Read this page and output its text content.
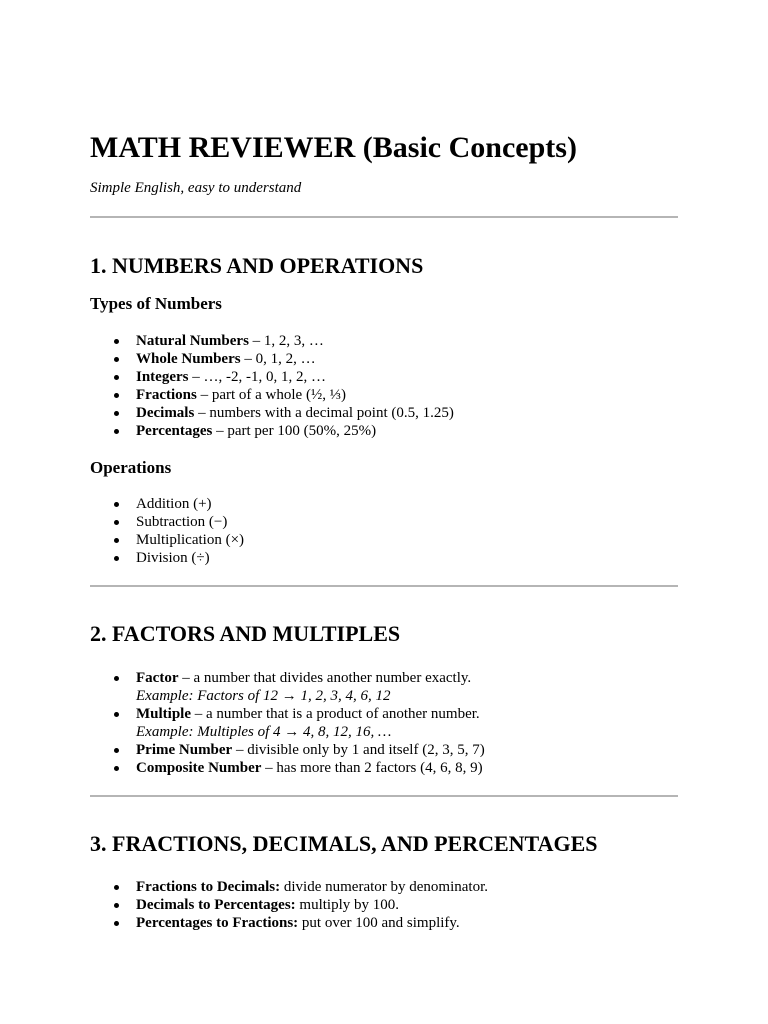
MATH REVIEWER (Basic Concepts)

Simple English, easy to understand

1. NUMBERS AND OPERATIONS
Types of Numbers
Natural Numbers – 1, 2, 3, …
Whole Numbers – 0, 1, 2, …
Integers – …, -2, -1, 0, 1, 2, …
Fractions – part of a whole (½, ⅓)
Decimals – numbers with a decimal point (0.5, 1.25)
Percentages – part per 100 (50%, 25%)
Operations
Addition (+)
Subtraction (−)
Multiplication (×)
Division (÷)
2. FACTORS AND MULTIPLES
Factor – a number that divides another number exactly.
Example: Factors of 12 → 1, 2, 3, 4, 6, 12
Multiple – a number that is a product of another number.
Example: Multiples of 4 → 4, 8, 12, 16, …
Prime Number – divisible only by 1 and itself (2, 3, 5, 7)
Composite Number – has more than 2 factors (4, 6, 8, 9)
3. FRACTIONS, DECIMALS, AND PERCENTAGES
Fractions to Decimals: divide numerator by denominator.
Decimals to Percentages: multiply by 100.
Percentages to Fractions: put over 100 and simplify.
